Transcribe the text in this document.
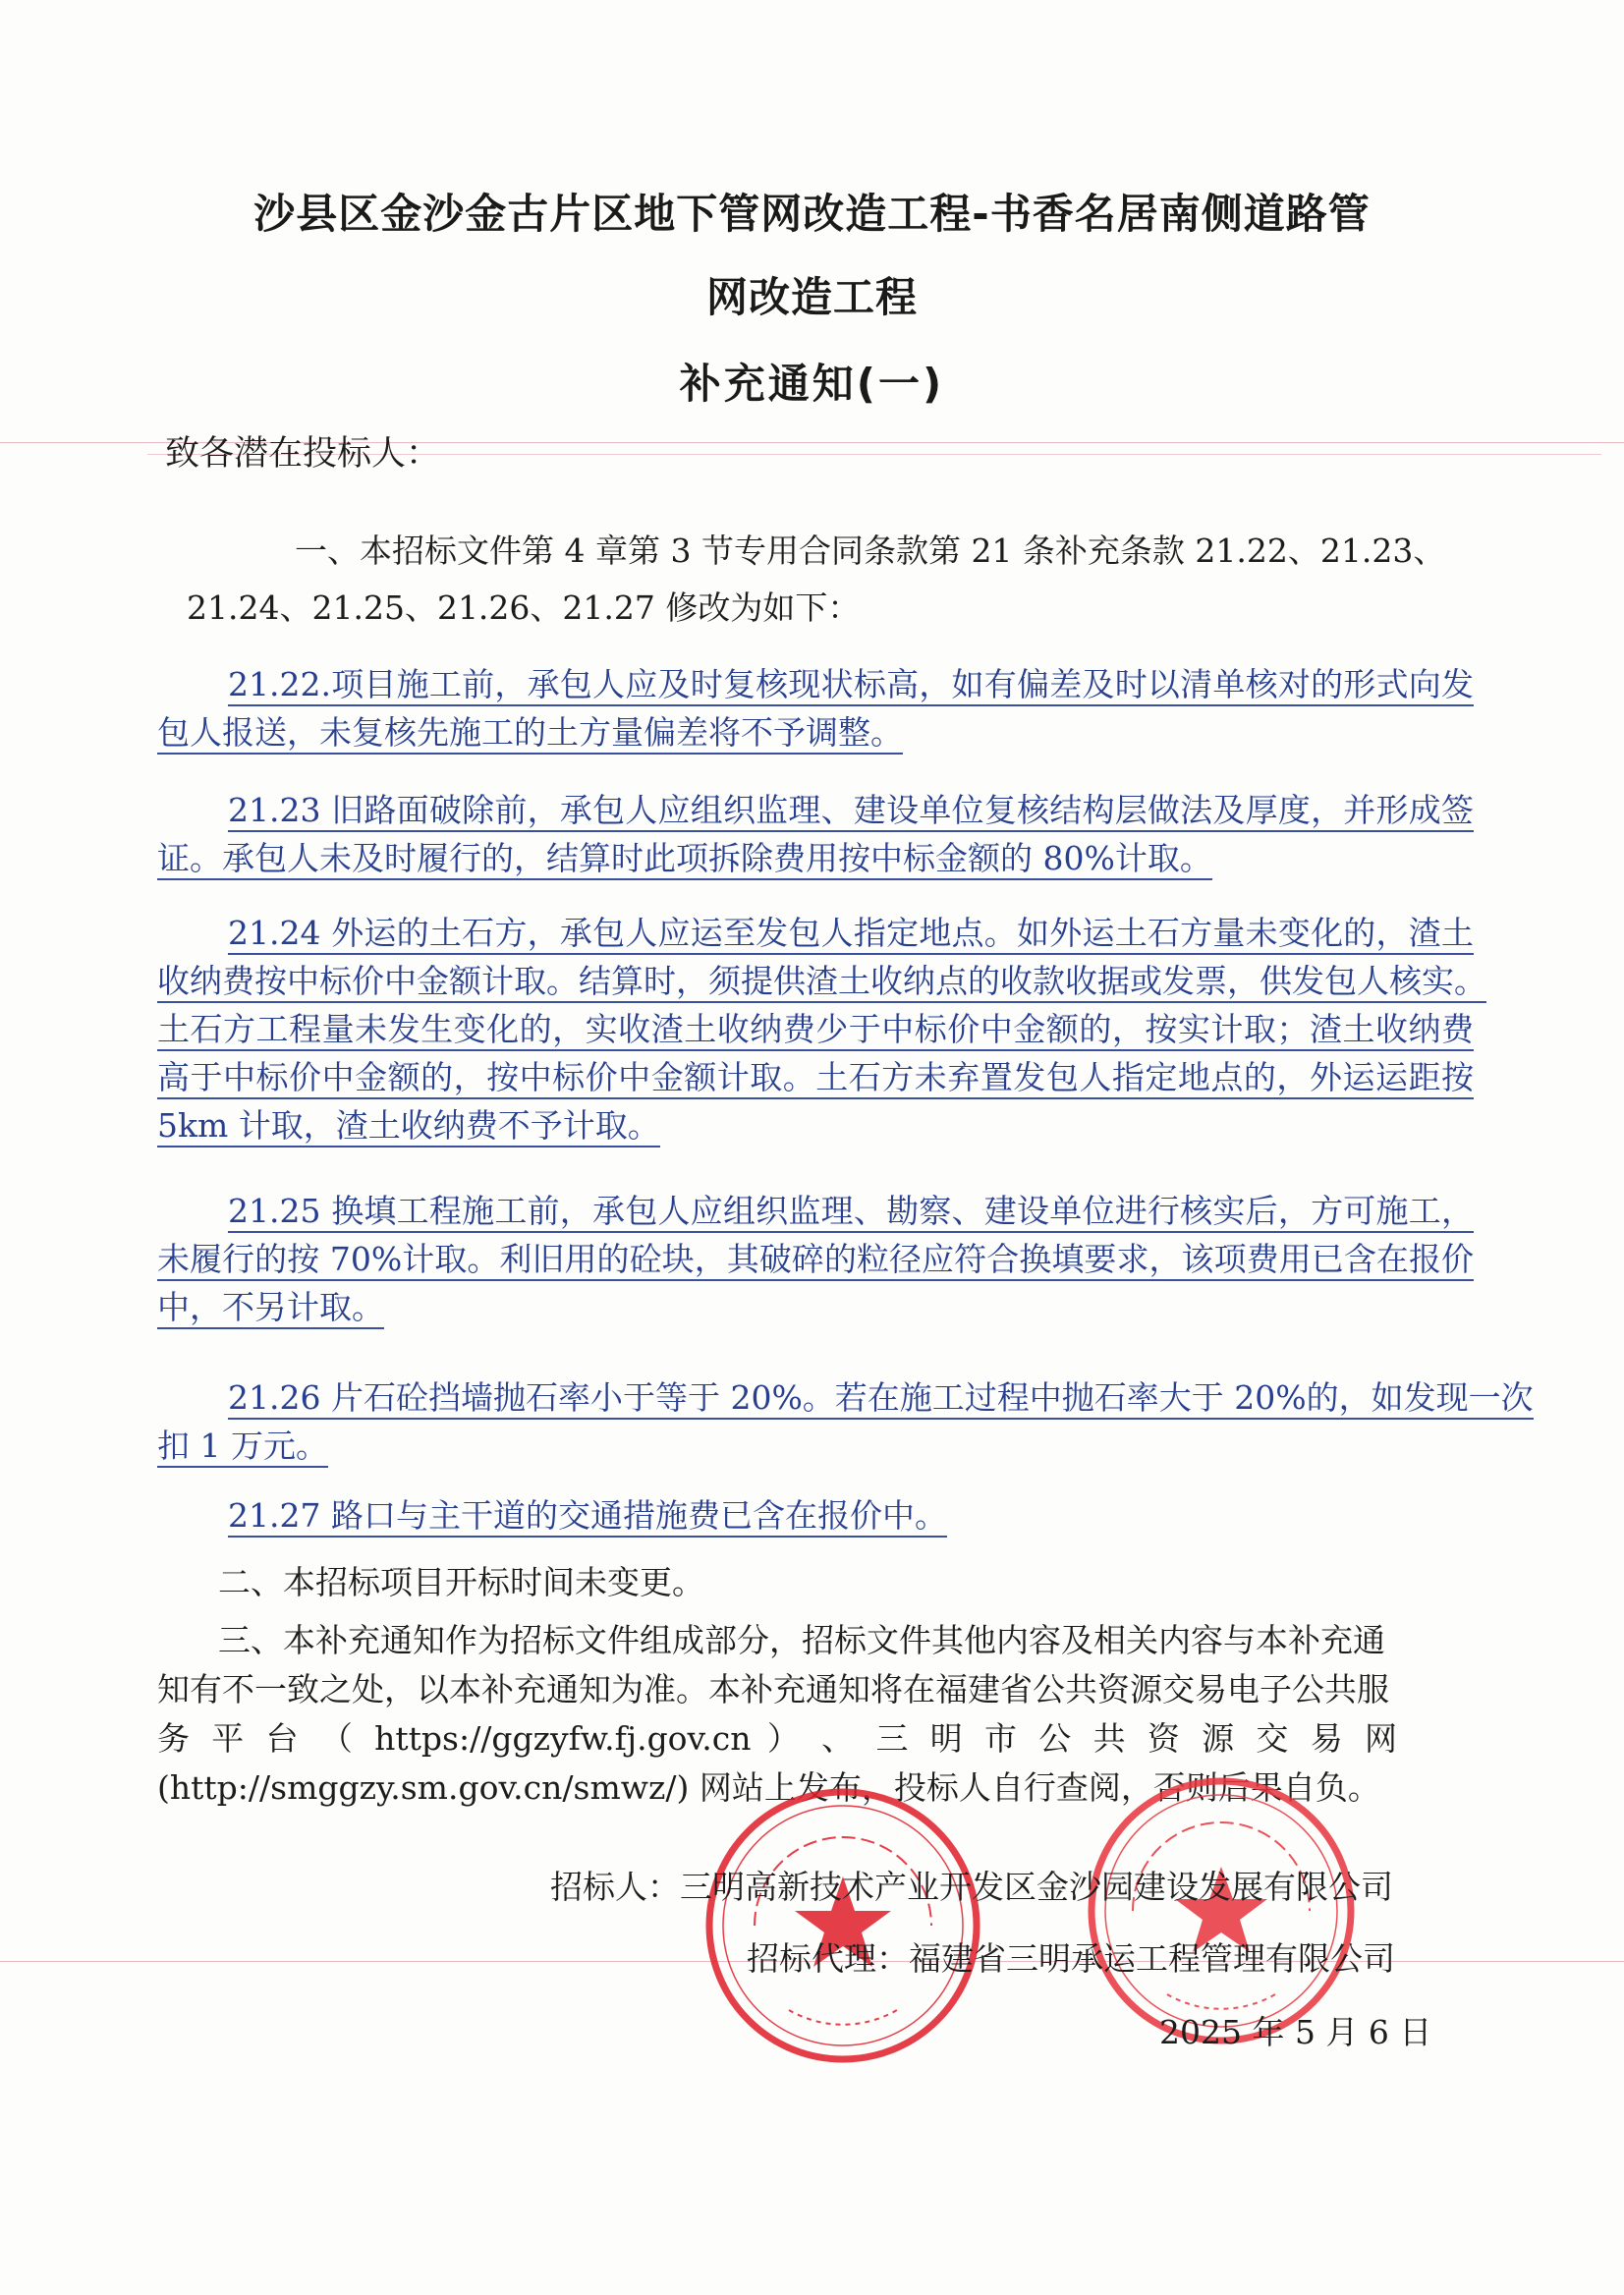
沙县区金沙金古片区地下管网改造工程-书香名居南侧道路管
网改造工程
补充通知(一)
致各潜在投标人：
一、本招标文件第 4 章第 3 节专用合同条款第 21 条补充条款 21.22、21.23、
21.24、21.25、21.26、21.27 修改为如下：
21.22.项目施工前，承包人应及时复核现状标高，如有偏差及时以清单核对的形式向发
包人报送，未复核先施工的土方量偏差将不予调整。
21.23 旧路面破除前，承包人应组织监理、建设单位复核结构层做法及厚度，并形成签
证。承包人未及时履行的，结算时此项拆除费用按中标金额的 80%计取。
21.24 外运的土石方，承包人应运至发包人指定地点。如外运土石方量未变化的，渣土
收纳费按中标价中金额计取。结算时，须提供渣土收纳点的收款收据或发票，供发包人核实。
土石方工程量未发生变化的，实收渣土收纳费少于中标价中金额的，按实计取；渣土收纳费
高于中标价中金额的，按中标价中金额计取。土石方未弃置发包人指定地点的，外运运距按
5km 计取，渣土收纳费不予计取。
21.25 换填工程施工前，承包人应组织监理、勘察、建设单位进行核实后，方可施工，
未履行的按 70%计取。利旧用的砼块，其破碎的粒径应符合换填要求，该项费用已含在报价
中，不另计取。
21.26 片石砼挡墙抛石率小于等于 20%。若在施工过程中抛石率大于 20%的，如发现一次
扣 1 万元。
21.27 路口与主干道的交通措施费已含在报价中。
二、本招标项目开标时间未变更。
三、本补充通知作为招标文件组成部分，招标文件其他内容及相关内容与本补充通
知有不一致之处，以本补充通知为准。本补充通知将在福建省公共资源交易电子公共服
务 平 台 （ https://ggzyfw.fj.gov.cn ） 、 三 明 市 公 共 资 源 交 易 网
(http://smggzy.sm.gov.cn/smwz/) 网站上发布，投标人自行查阅，否则后果自负。
招标人：三明高新技术产业开发区金沙园建设发展有限公司
招标代理：福建省三明承运工程管理有限公司
2025 年 5 月 6 日
